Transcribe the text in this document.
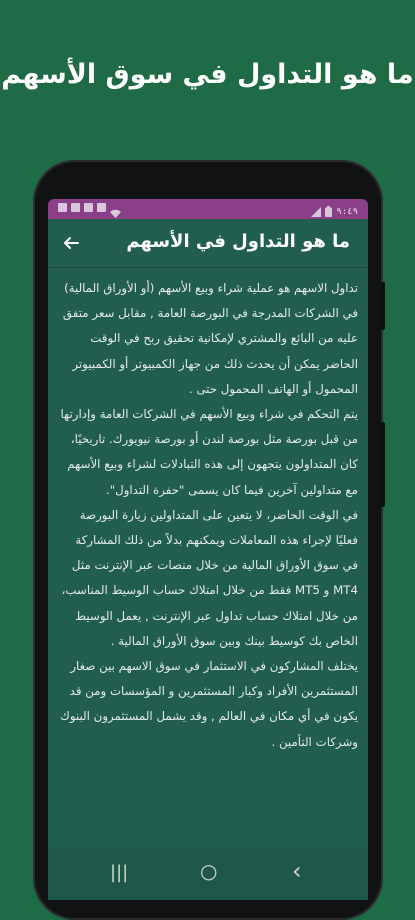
ما هو التداول في سوق الأسهم
٩:٤٩
ما هو التداول في الأسهم

تداول الاسهم هو عملية شراء وبيع الأسهم (أو الأوراق المالية) في الشركات المدرجة في البورصة العامة , مقابل سعر متفق عليه من البائع والمشتري لإمكانية تحقيق ربح في الوقت الحاضر يمكن أن يحدث ذلك من جهاز الكمبيوتر أو الكمبيوتر المحمول أو الهاتف المحمول حتى .

يتم التحكم في شراء وبيع الأسهم في الشركات العامة وإدارتها من قبل بورصة مثل بورصة لندن أو بورصة نيويورك. تاريخيًا، كان المتداولون يتجهون إلى هذه التبادلات لشراء وبيع الأسهم مع متداولين آخرين فيما كان يسمى "حفرة التداول".

في الوقت الحاضر، لا يتعين على المتداولين زيارة البورصة فعليًا لإجراء هذه المعاملات ويمكنهم بدلاً من ذلك المشاركة في سوق الأوراق المالية من خلال منصات عبر الإنترنت مثل MT4 و MT5 فقط من خلال امتلاك حساب الوسيط المناسب، من خلال امتلاك حساب تداول عبر الإنترنت , يعمل الوسيط الخاص بك كوسيط بينك وبين سوق الأوراق المالية .

يختلف المشاركون في الاستثمار في سوق الاسهم بين صغار المستثمرين الأفراد وكبار المستثمرين و المؤسسات ومن قد يكون في أي مكان في العالم , وقد يشمل المستثمرون البنوك وشركات التأمين .

|||	○	‹
